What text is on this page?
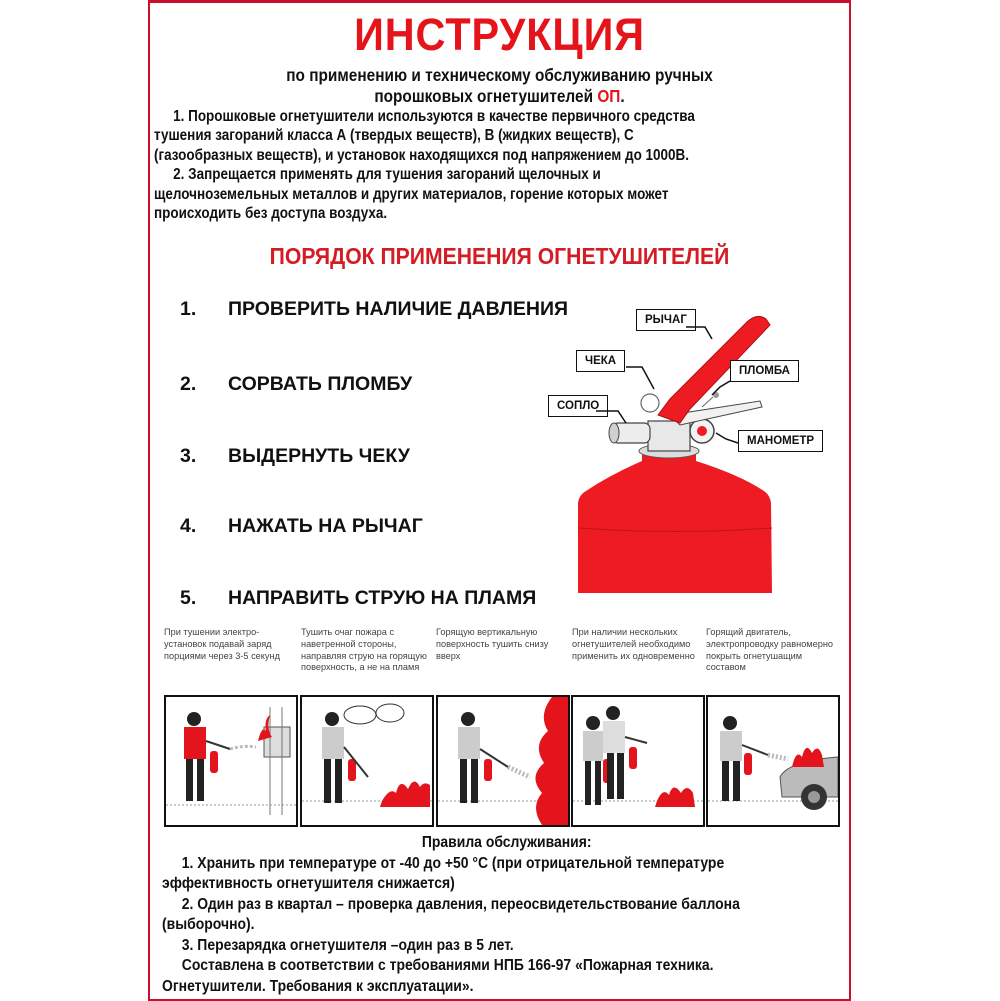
ИНСТРУКЦИЯ
по применению и техническому обслуживанию ручных
порошковых огнетушителей ОП.

1. Порошковые огнетушители используются в качестве первичного средства

тушения загораний класса А (твердых веществ), В (жидких веществ), С

(газообразных веществ), и установок находящихся под напряжением до 1000В.

2. Запрещается применять для тушения загораний щелочных и

щелочноземельных металлов и других материалов, горение которых может

происходить без доступа воздуха.

ПОРЯДОК ПРИМЕНЕНИЯ ОГНЕТУШИТЕЛЕЙ
1. ПРОВЕРИТЬ НАЛИЧИЕ ДАВЛЕНИЯ
2. СОРВАТЬ ПЛОМБУ
3. ВЫДЕРНУТЬ ЧЕКУ
4. НАЖАТЬ НА РЫЧАГ
5. НАПРАВИТЬ СТРУЮ НА ПЛАМЯ
РЫЧАГ
ЧЕКА
ПЛОМБА
СОПЛО
МАНОМЕТР
При тушении электро-установок подавай заряд порциями через 3-5 секунд
Тушить очаг пожара с наветренной стороны, направляя струю на горящую поверхность, а не на пламя
Горящую вертикальную поверхность тушить снизу вверх
При наличии нескольких огнетушителей необходимо применить их одновременно
Горящий двигатель, электропроводку равномерно покрыть огнетушащим составом

Правила обслуживания:

1. Хранить при температуре от -40 до +50 °С (при отрицательной температуре

эффективность огнетушителя снижается)

2. Один раз в квартал – проверка давления, переосвидетельствование баллона

(выборочно).

3. Перезарядка огнетушителя –один раз в 5 лет.

Составлена в соответствии с требованиями НПБ 166-97 «Пожарная техника.

Огнетушители. Требования к эксплуатации».
